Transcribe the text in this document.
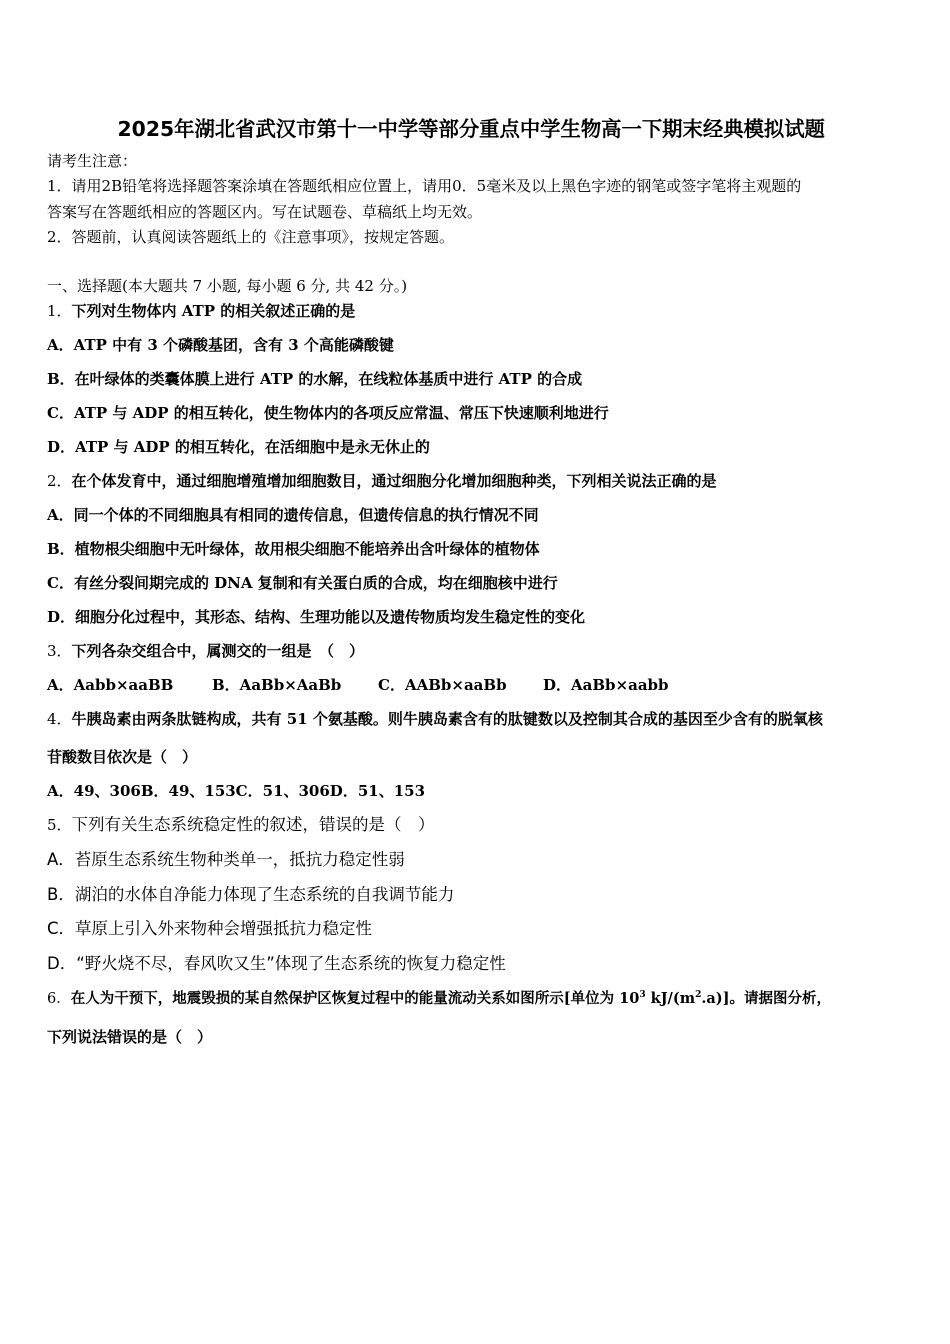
2025年湖北省武汉市第十一中学等部分重点中学生物高一下期末经典模拟试题
请考生注意：
1．请用2B铅笔将选择题答案涂填在答题纸相应位置上，请用0．5毫米及以上黑色字迹的钢笔或签字笔将主观题的
答案写在答题纸相应的答题区内。写在试题卷、草稿纸上均无效。
2．答题前，认真阅读答题纸上的《注意事项》，按规定答题。
一、选择题(本大题共 7 小题, 每小题 6 分, 共 42 分。)
1．下列对生物体内 ATP 的相关叙述正确的是
A．ATP 中有 3 个磷酸基团，含有 3 个高能磷酸键
B．在叶绿体的类囊体膜上进行 ATP 的水解，在线粒体基质中进行 ATP 的合成
C．ATP 与 ADP 的相互转化，使生物体内的各项反应常温、常压下快速顺利地进行
D．ATP 与 ADP 的相互转化，在活细胞中是永无休止的
2．在个体发育中，通过细胞增殖增加细胞数目，通过细胞分化增加细胞种类，下列相关说法正确的是
A．同一个体的不同细胞具有相同的遗传信息，但遗传信息的执行情况不同
B．植物根尖细胞中无叶绿体，故用根尖细胞不能培养出含叶绿体的植物体
C．有丝分裂间期完成的 DNA 复制和有关蛋白质的合成，均在细胞核中进行
D．细胞分化过程中，其形态、结构、生理功能以及遗传物质均发生稳定性的变化
3．下列各杂交组合中，属测交的一组是　（　）
A．Aabb×aaBB	B．AaBb×AaBb C．AABb×aaBb D．AaBb×aabb
4．牛胰岛素由两条肽链构成，共有 51 个氨基酸。则牛胰岛素含有的肽键数以及控制其合成的基因至少含有的脱氧核
苷酸数目依次是（　）
A．49、306B．49、153C．51、306D．51、153
5．下列有关生态系统稳定性的叙述，错误的是（　）
A．苔原生态系统生物种类单一，抵抗力稳定性弱
B．湖泊的水体自净能力体现了生态系统的自我调节能力
C．草原上引入外来物种会增强抵抗力稳定性
D．“野火烧不尽，春风吹又生”体现了生态系统的恢复力稳定性
6．在人为干预下，地震毁损的某自然保护区恢复过程中的能量流动关系如图所示[单位为 $10^3$ $kJ/(m^2.a)$]。请据图分析，
下列说法错误的是（　）
